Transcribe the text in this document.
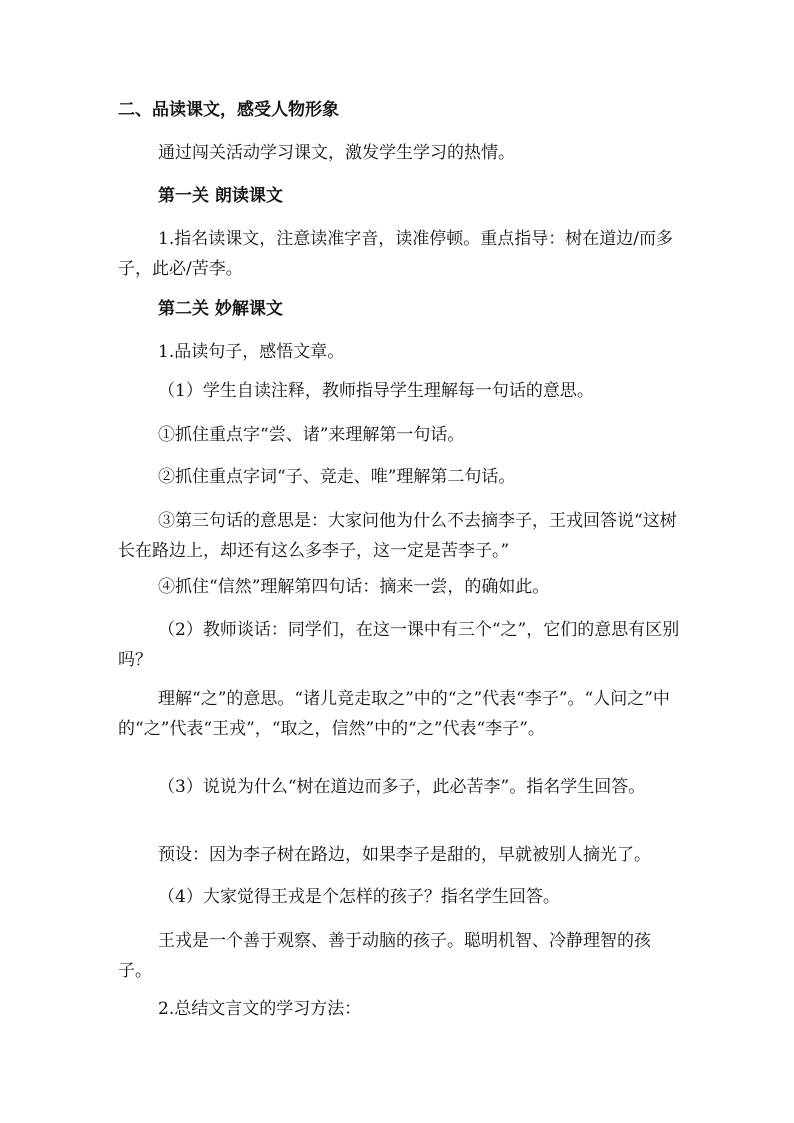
二、品读课文，感受人物形象
通过闯关活动学习课文，激发学生学习的热情。
第一关 朗读课文
1.指名读课文，注意读准字音，读准停顿。重点指导：树在道边/而多子，此必/苦李。
第二关 妙解课文
1.品读句子，感悟文章。
（1）学生自读注释，教师指导学生理解每一句话的意思。
①抓住重点字“尝、诸”来理解第一句话。
②抓住重点字词“子、竞走、唯”理解第二句话。
③第三句话的意思是：大家问他为什么不去摘李子，王戎回答说“这树长在路边上，却还有这么多李子，这一定是苦李子。”
④抓住“信然”理解第四句话：摘来一尝，的确如此。
（2）教师谈话：同学们，在这一课中有三个“之”，它们的意思有区别吗？
理解“之”的意思。“诸儿竞走取之”中的“之”代表“李子”。“人问之”中的“之”代表“王戎”，“取之，信然”中的“之”代表“李子”。
（3）说说为什么“树在道边而多子，此必苦李”。指名学生回答。
预设：因为李子树在路边，如果李子是甜的，早就被别人摘光了。
（4）大家觉得王戎是个怎样的孩子？指名学生回答。
王戎是一个善于观察、善于动脑的孩子。聪明机智、冷静理智的孩子。
2.总结文言文的学习方法：
